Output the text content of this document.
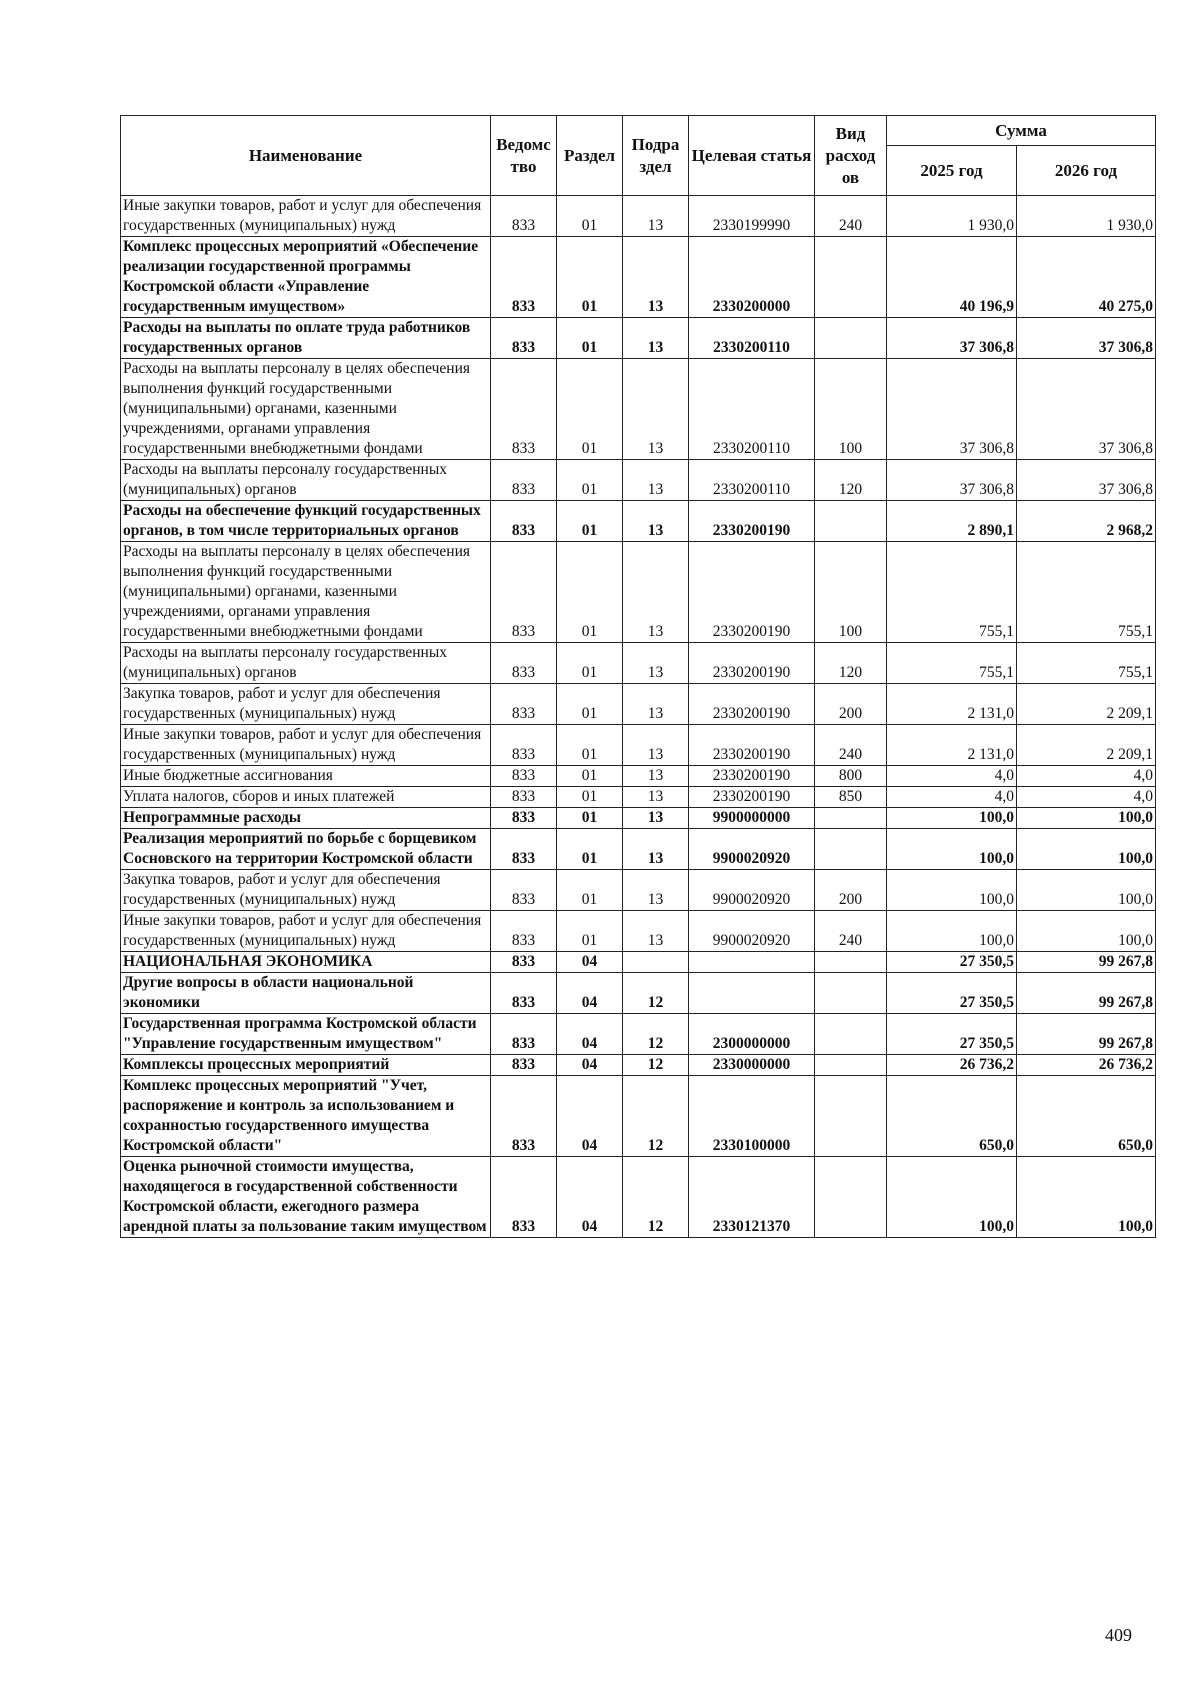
Наименование	Ведомс тво	Раздел	Подра здел	Целевая статья	Вид расход ов	Сумма	
						2025 год	2026 год
Иные закупки товаров, работ и услуг для обеспечения государственных (муниципальных) нужд	833	01	13	2330199990	240	1 930,0	1 930,0
Комплекс процессных мероприятий «Обеспечение реализации государственной программы Костромской области «Управление государственным имуществом»	833	01	13	2330200000		40 196,9	40 275,0
Расходы на выплаты по оплате труда работников государственных органов	833	01	13	2330200110		37 306,8	37 306,8
Расходы на выплаты персоналу в целях обеспечения выполнения функций государственными (муниципальными) органами, казенными учреждениями, органами управления государственными внебюджетными фондами	833	01	13	2330200110	100	37 306,8	37 306,8
Расходы на выплаты персоналу государственных (муниципальных) органов	833	01	13	2330200110	120	37 306,8	37 306,8
Расходы на обеспечение функций государственных органов, в том числе территориальных органов	833	01	13	2330200190		2 890,1	2 968,2
Расходы на выплаты персоналу в целях обеспечения выполнения функций государственными (муниципальными) органами, казенными учреждениями, органами управления государственными внебюджетными фондами	833	01	13	2330200190	100	755,1	755,1
Расходы на выплаты персоналу государственных (муниципальных) органов	833	01	13	2330200190	120	755,1	755,1
Закупка товаров, работ и услуг для обеспечения государственных (муниципальных) нужд	833	01	13	2330200190	200	2 131,0	2 209,1
Иные закупки товаров, работ и услуг для обеспечения государственных (муниципальных) нужд	833	01	13	2330200190	240	2 131,0	2 209,1
Иные бюджетные ассигнования	833	01	13	2330200190	800	4,0	4,0
Уплата налогов, сборов и иных платежей	833	01	13	2330200190	850	4,0	4,0
Непрограммные расходы	833	01	13	9900000000		100,0	100,0
Реализация мероприятий по борьбе с борщевиком Сосновского на территории Костромской области	833	01	13	9900020920		100,0	100,0
Закупка товаров, работ и услуг для обеспечения государственных (муниципальных) нужд	833	01	13	9900020920	200	100,0	100,0
Иные закупки товаров, работ и услуг для обеспечения государственных (муниципальных) нужд	833	01	13	9900020920	240	100,0	100,0
НАЦИОНАЛЬНАЯ ЭКОНОМИКА	833	04				27 350,5	99 267,8
Другие вопросы в области национальной экономики	833	04	12			27 350,5	99 267,8
Государственная программа Костромской области "Управление государственным имуществом"	833	04	12	2300000000		27 350,5	99 267,8
Комплексы процессных мероприятий	833	04	12	2330000000		26 736,2	26 736,2
Комплекс процессных мероприятий "Учет, распоряжение и контроль за использованием и сохранностью государственного имущества Костромской области"	833	04	12	2330100000		650,0	650,0
Оценка рыночной стоимости имущества, находящегося в государственной собственности Костромской области, ежегодного размера арендной платы за пользование таким имуществом	833	04	12	2330121370		100,0	100,0
409
